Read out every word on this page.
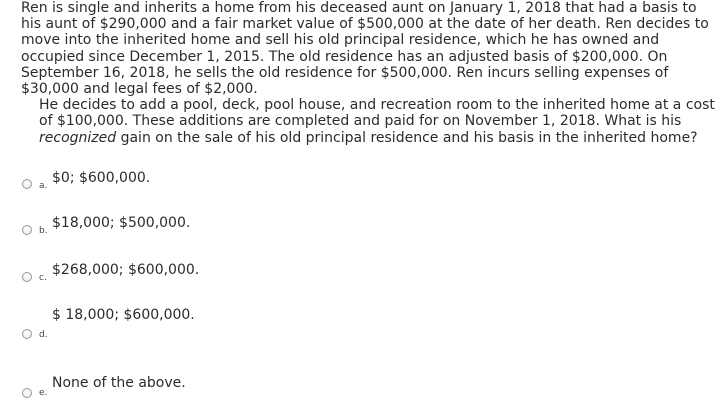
Ren is single and inherits a home from his deceased aunt on January 1, 2018 that had a basis to his aunt of $290,000 and a fair market value of $500,000 at the date of her death. Ren decides to move into the inherited home and sell his old principal residence, which he has owned and occupied since December 1, 2015. The old residence has an adjusted basis of $200,000. On September 16, 2018, he sells the old residence for $500,000. Ren incurs selling expenses of $30,000 and legal fees of $2,000.

He decides to add a pool, deck, pool house, and recreation room to the inherited home at a cost of $100,000. These additions are completed and paid for on November 1, 2018. What is his recognized gain on the sale of his old principal residence and his basis in the inherited home?

a. $0; $600,000.
b. $18,000; $500,000.
c. $268,000; $600,000.
d.
$ 18,000; $600,000.
e.
None of the above.
